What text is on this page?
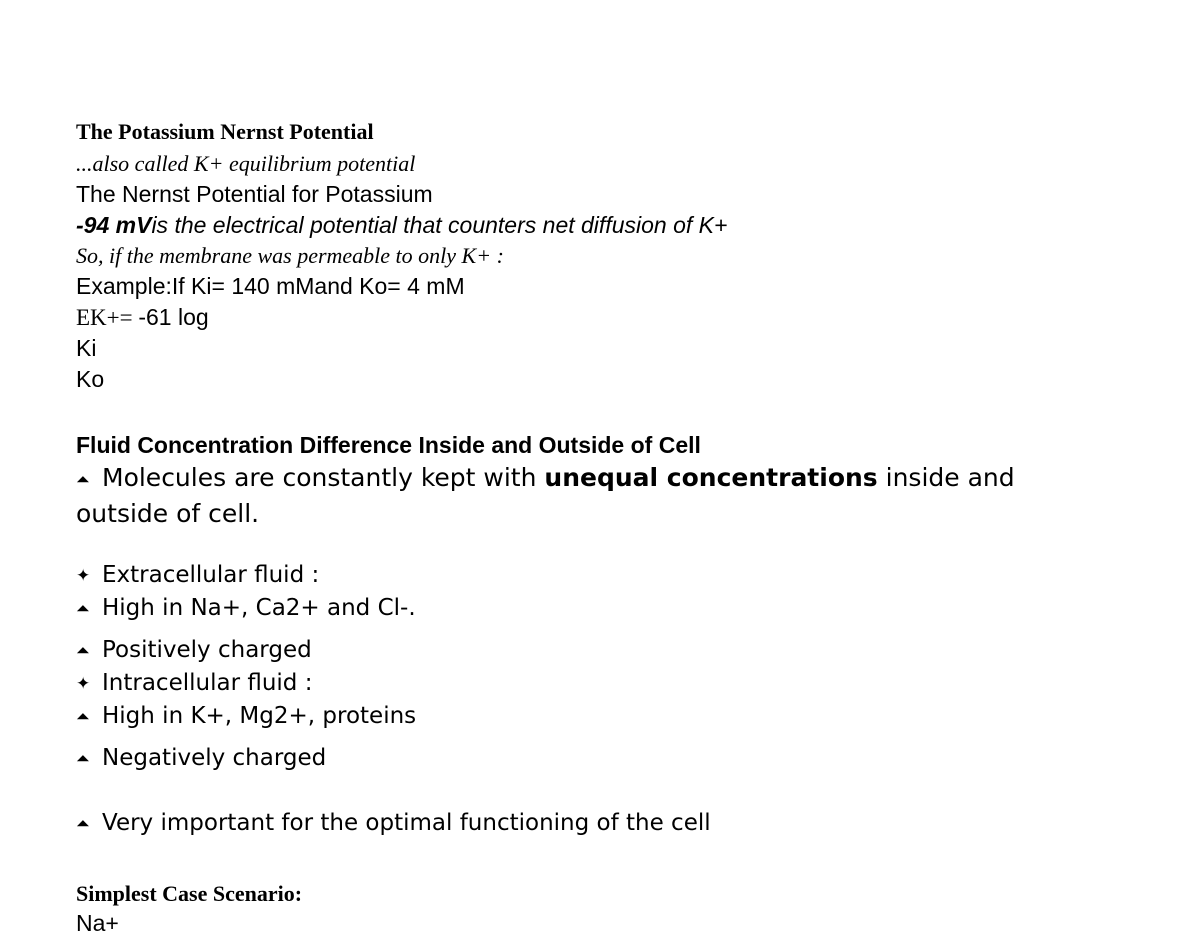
The Potassium Nernst Potential
...also called K+ equilibrium potential
The Nernst Potential for Potassium
-94 mVis the electrical potential that counters net diffusion of K+
So, if the membrane was permeable to only K+ :
Example:If Ki= 140 mMand Ko= 4 mM
EK+= -61 log
Ki
Ko
Fluid Concentration Difference Inside and Outside of Cell
⏶ Molecules are constantly kept with unequal concentrations inside and outside of cell.
✦ Extracellular fluid :
⏶ High in Na+, Ca2+ and Cl-.
⏶ Positively charged
✦ Intracellular fluid :
⏶ High in K+, Mg2+, proteins
⏶ Negatively charged
⏶ Very important for the optimal functioning of the cell
Simplest Case Scenario:
Na+
